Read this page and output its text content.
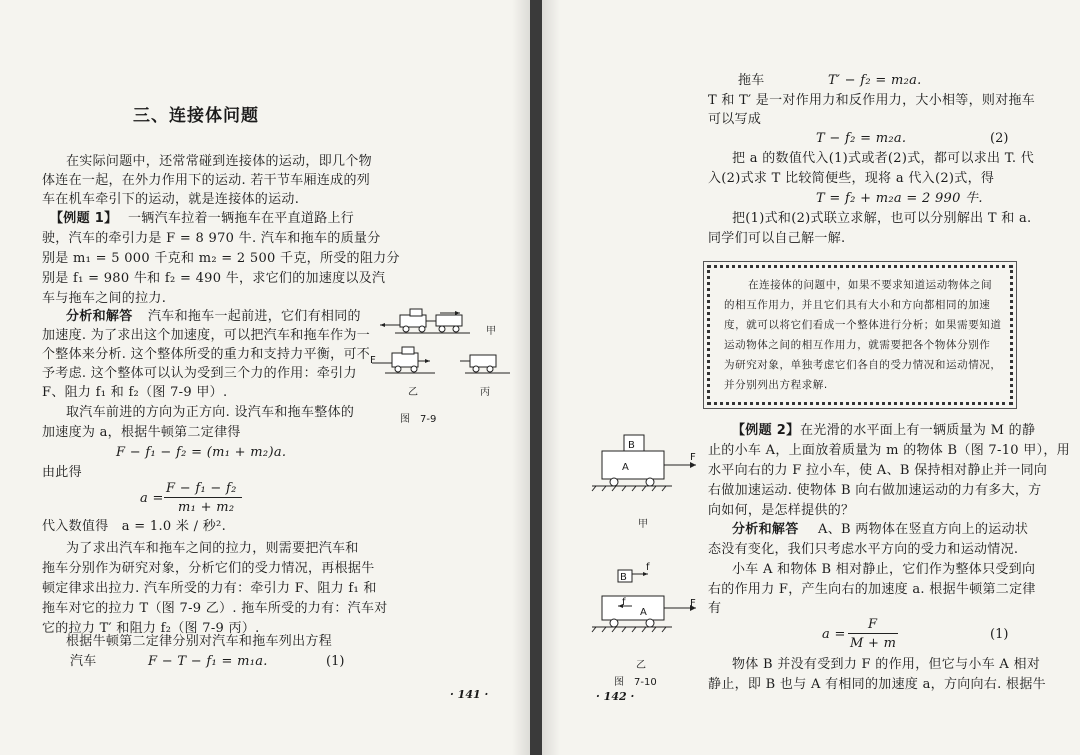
三、连接体问题
在实际问题中，还常常碰到连接体的运动，即几个物
体连在一起，在外力作用下的运动. 若干节车厢连成的列
车在机车牵引下的运动，就是连接体的运动.
【例题 1】 一辆汽车拉着一辆拖车在平直道路上行
驶，汽车的牵引力是 F = 8 970 牛. 汽车和拖车的质量分
别是 m₁ = 5 000 千克和 m₂ = 2 500 千克，所受的阻力分
别是 f₁ = 980 牛和 f₂ = 490 牛，求它们的加速度以及汽
车与拖车之间的拉力.
分析和解答 汽车和拖车一起前进，它们有相同的
加速度. 为了求出这个加速度，可以把汽车和拖车作为一
个整体来分析. 这个整体所受的重力和支持力平衡，可不
予考虑. 这个整体可以认为受到三个力的作用：牵引力
F、阻力 f₁ 和 f₂（图 7-9 甲）.
取汽车前进的方向为正方向. 设汽车和拖车整体的
加速度为 a，根据牛顿第二定律得
F − f₁ − f₂ = (m₁ + m₂)a.
由此得
a =
F − f₁ − f₂
m₁ + m₂
代入数值得　a = 1.0 米 / 秒².
为了求出汽车和拖车之间的拉力，则需要把汽车和
拖车分别作为研究对象，分析它们的受力情况，再根据牛
顿定律求出拉力. 汽车所受的力有：牵引力 F、阻力 f₁ 和
拖车对它的拉力 T（图 7-9 乙）. 拖车所受的力有：汽车对
它的拉力 T′ 和阻力 f₂（图 7-9 丙）.
根据牛顿第二定律分别对汽车和拖车列出方程
汽车	F − T − f₁ = m₁a.	(1)
甲
F
乙	丙
图　7-9
· 141 ·
拖车	T′ − f₂ = m₂a.
T 和 T′ 是一对作用力和反作用力，大小相等，则对拖车
可以写成
T − f₂ = m₂a.	(2)
把 a 的数值代入(1)式或者(2)式，都可以求出 T. 代
入(2)式求 T 比较简便些，现将 a 代入(2)式，得
T = f₂ + m₂a = 2 990 牛.
把(1)式和(2)式联立求解，也可以分别解出 T 和 a.
同学们可以自己解一解.
在连接体的问题中，如果不要求知道运动物体之间
的相互作用力，并且它们具有大小和方向都相同的加速
度，就可以将它们看成一个整体进行分析；如果需要知道
运动物体之间的相互作用力，就需要把各个物体分别作
为研究对象，单独考虑它们各自的受力情况和运动情况，
并分别列出方程求解.
B
A
F
甲
B
f
f
A
F
乙
图　7-10
【例题 2】 在光滑的水平面上有一辆质量为 M 的静
止的小车 A，上面放着质量为 m 的物体 B（图 7-10 甲），用
水平向右的力 F 拉小车，使 A、B 保持相对静止并一同向
右做加速运动. 使物体 B 向右做加速运动的力有多大，方
向如何，是怎样提供的？
分析和解答 A、B 两物体在竖直方向上的运动状
态没有变化，我们只考虑水平方向的受力和运动情况.
小车 A 和物体 B 相对静止，它们作为整体只受到向
右的作用力 F，产生向右的加速度 a. 根据牛顿第二定律
有
a =
F
M + m
(1)
物体 B 并没有受到力 F 的作用，但它与小车 A 相对
静止，即 B 也与 A 有相同的加速度 a，方向向右. 根据牛
· 142 ·
